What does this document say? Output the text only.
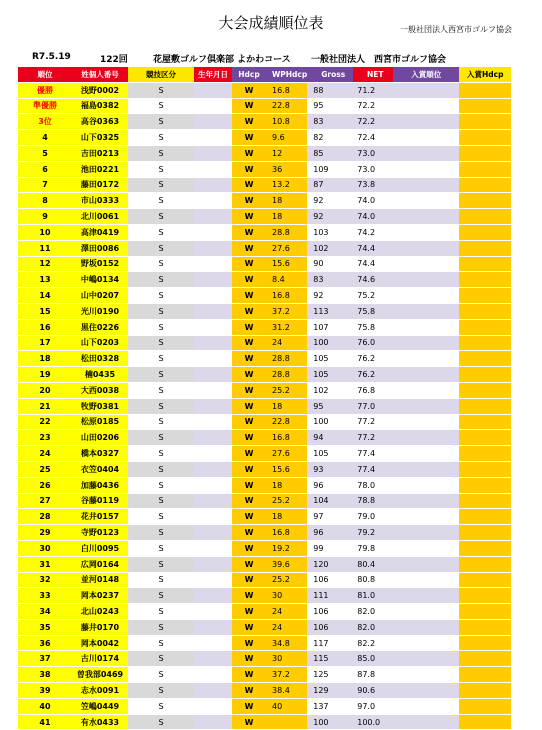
大会成績順位表	一般社団法人西宮市ゴルフ協会
R7.5.19	122回	花屋敷ゴルフ倶楽部 よかわコース 一般社団法人　西宮市ゴルフ協会
順位	姓個人番号	競技区分	生年月日	Hdcp	WPHdcp	Gross	NET	入賞順位	入賞Hdcp
優勝	浅野0002	S		W	16.8	88	71.2		
準優勝	福島0382	S		W	22.8	95	72.2		
3位	高谷0363	S		W	10.8	83	72.2		
4	山下0325	S		W	9.6	82	72.4		
5	吉田0213	S		W	12	85	73.0		
6	池田0221	S		W	36	109	73.0		
7	藤田0172	S		W	13.2	87	73.8		
8	市山0333	S		W	18	92	74.0		
9	北川0061	S		W	18	92	74.0		
10	高津0419	S		W	28.8	103	74.2		
11	澤田0086	S		W	27.6	102	74.4		
12	野坂0152	S		W	15.6	90	74.4		
13	中嶋0134	S		W	8.4	83	74.6		
14	山中0207	S		W	16.8	92	75.2		
15	光川0190	S		W	37.2	113	75.8		
16	黒住0226	S		W	31.2	107	75.8		
17	山下0203	S		W	24	100	76.0		
18	松田0328	S		W	28.8	105	76.2		
19	楠0435	S		W	28.8	105	76.2		
20	大西0038	S		W	25.2	102	76.8		
21	牧野0381	S		W	18	95	77.0		
22	松原0185	S		W	22.8	100	77.2		
23	山田0206	S		W	16.8	94	77.2		
24	橋本0327	S		W	27.6	105	77.4		
25	衣笠0404	S		W	15.6	93	77.4		
26	加藤0436	S		W	18	96	78.0		
27	谷藤0119	S		W	25.2	104	78.8		
28	花井0157	S		W	18	97	79.0		
29	寺野0123	S		W	16.8	96	79.2		
30	白川0095	S		W	19.2	99	79.8		
31	広岡0164	S		W	39.6	120	80.4		
32	並河0148	S		W	25.2	106	80.8		
33	岡本0237	S		W	30	111	81.0		
34	北山0243	S		W	24	106	82.0		
35	藤井0170	S		W	24	106	82.0		
36	岡本0042	S		W	34.8	117	82.2		
37	古川0174	S		W	30	115	85.0		
38	曽我部0469	S		W	37.2	125	87.8		
39	志水0091	S		W	38.4	129	90.6		
40	笠嶋0449	S		W	40	137	97.0		
41	有水0433	S		W		100	100.0		
